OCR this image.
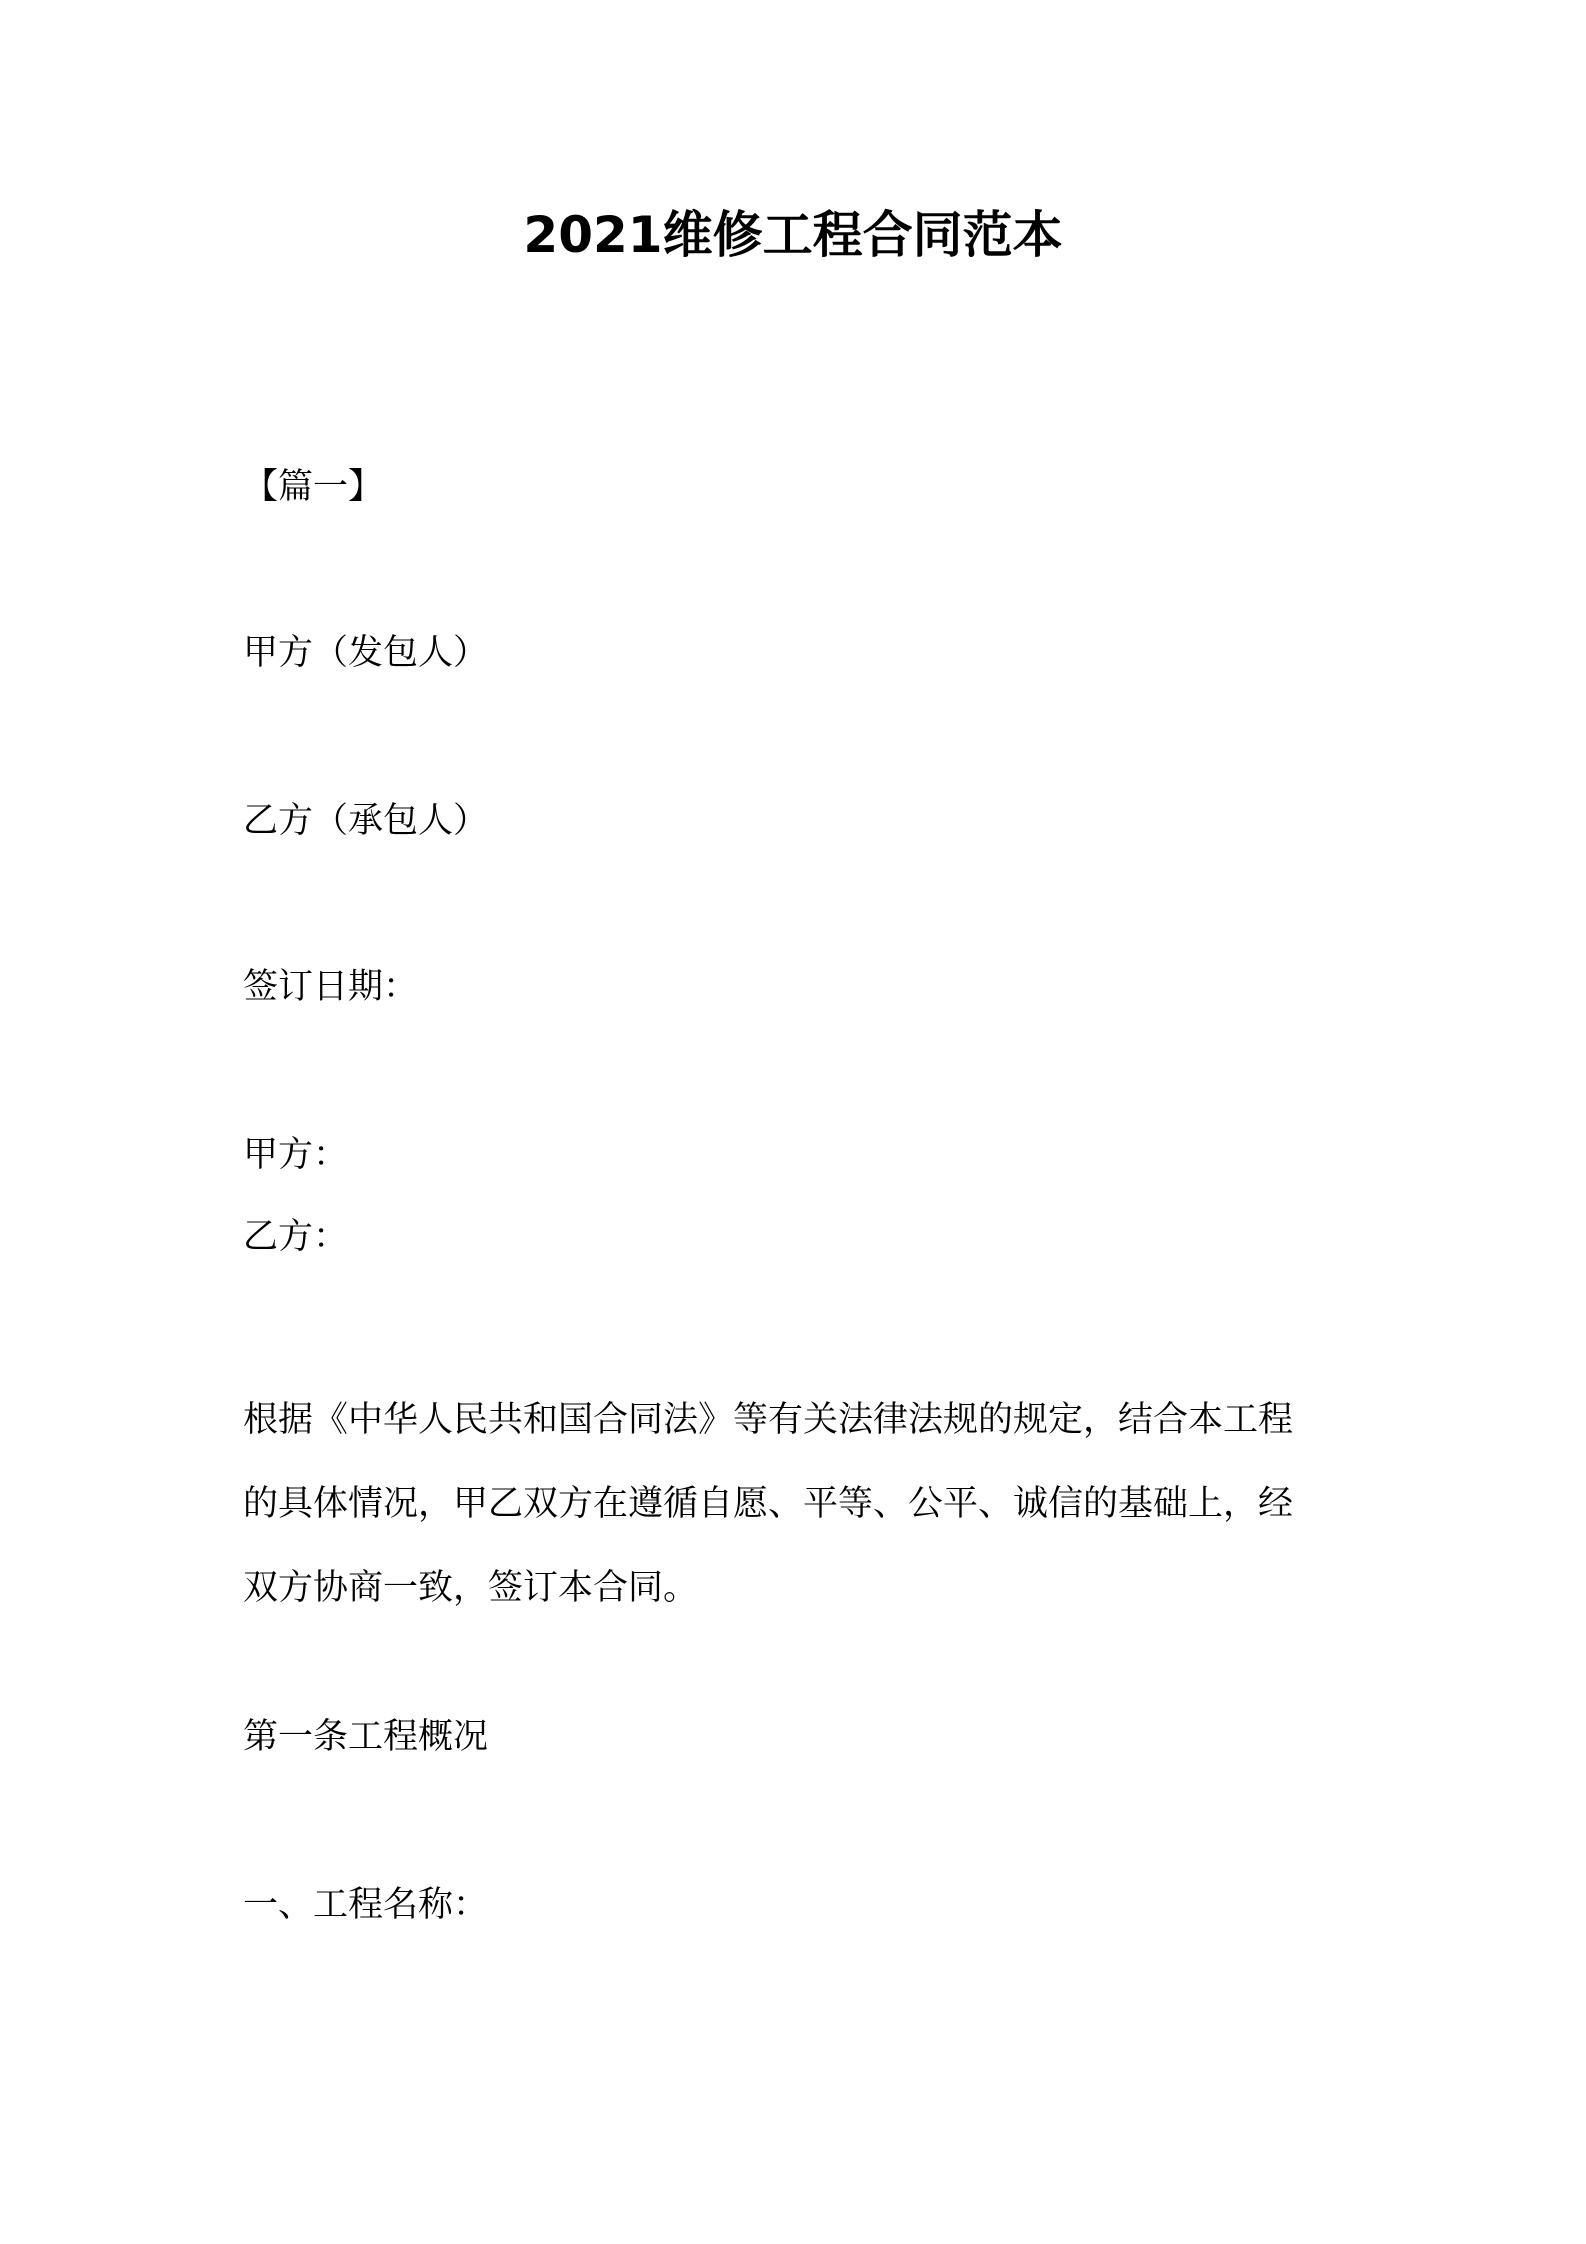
2021维修工程合同范本
【篇一】
甲方（发包人）
乙方（承包人）
签订日期：
甲方：
乙方：
根据《中华人民共和国合同法》等有关法律法规的规定，结合本工程
的具体情况，甲乙双方在遵循自愿、平等、公平、诚信的基础上，经
双方协商一致，签订本合同。
第一条工程概况
一、工程名称：
